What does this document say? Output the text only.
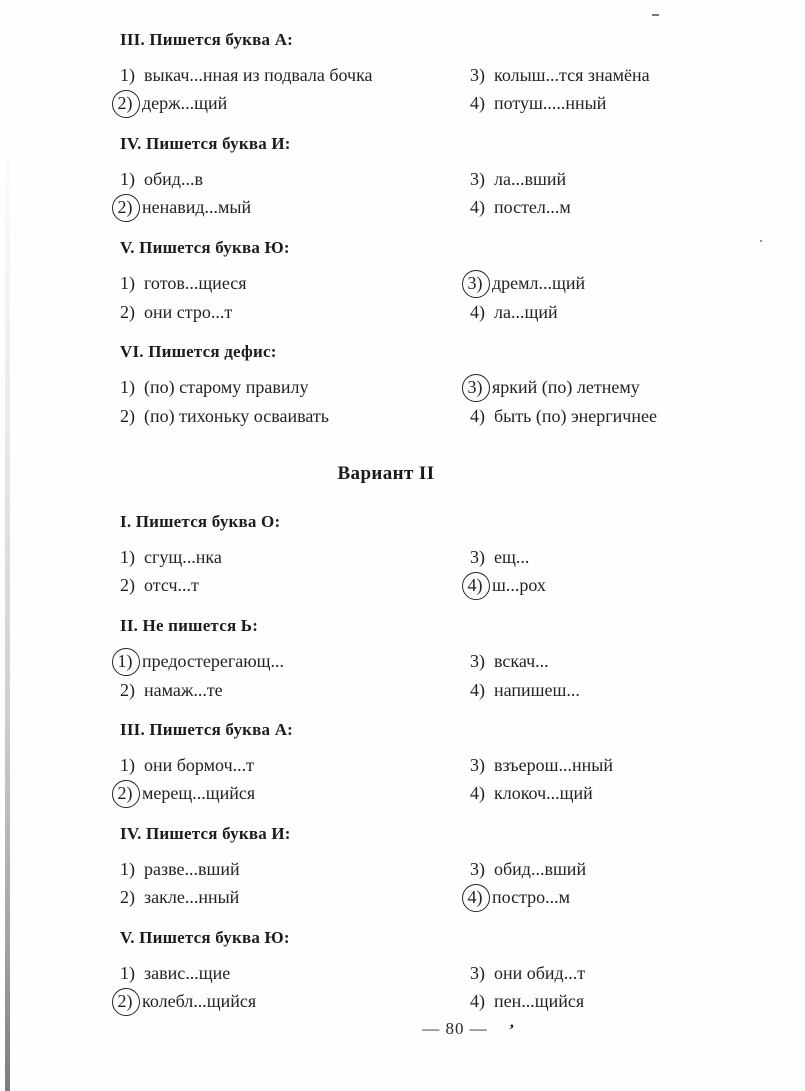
III. Пишется буква А:
1) выкач...нная из подвала бочка
2) держ...щий
3) колыш...тся знамёна
4) потуш.....нный
IV. Пишется буква И:
1) обид...в
2) ненавид...мый
3) ла...вший
4) постел...м
V. Пишется буква Ю:
1) готов...щиеся
2) они стро...т
3) дремл...щий
4) ла...щий
VI. Пишется дефис:
1) (по) старому правилу
2) (по) тихоньку осваивать
3) яркий (по) летнему
4) быть (по) энергичнее
Вариант II
I. Пишется буква О:
1) сгущ...нка
2) отсч...т
3) ещ...
4) ш...рох
II. Не пишется Ь:
1) предостерегающ...
2) намаж...те
3) вскач...
4) напишеш...
III. Пишется буква А:
1) они бормоч...т
2) мерещ...щийся
3) взъерош...нный
4) клокоч...щий
IV. Пишется буква И:
1) разве...вший
2) закле...нный
3) обид...вший
4) постро...м
V. Пишется буква Ю:
1) завис...щие
2) колебл...щийся
3) они обид...т
4) пен...щийся
— 80 — ’
